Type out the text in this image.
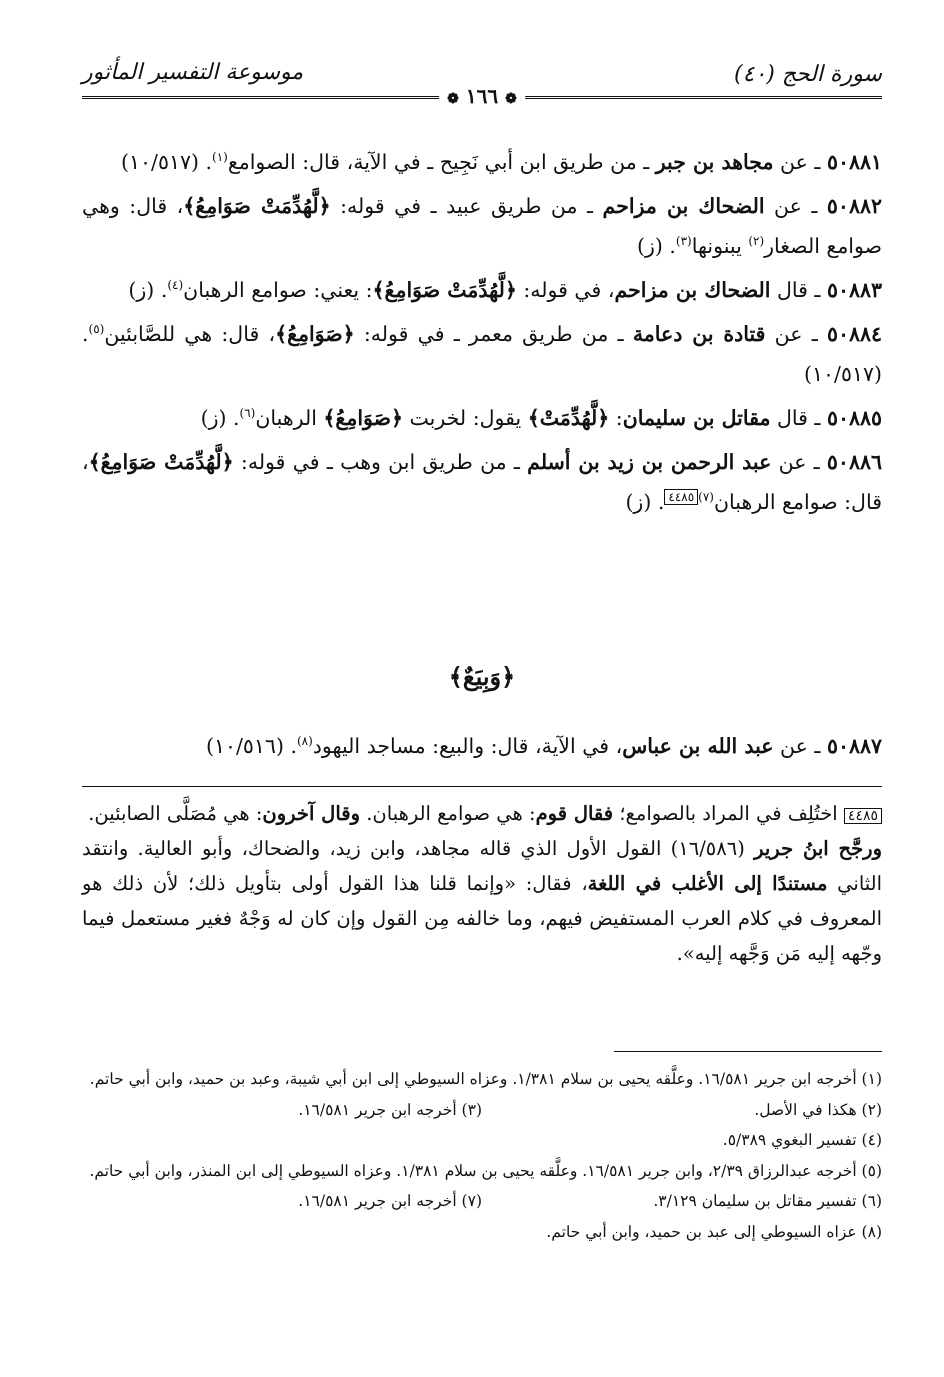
سورة الحج (٤٠)
موسوعة التفسير المأثور
❁ ١٦٦ ❁
٥٠٨٨١ ـ عن مجاهد بن جبر ـ من طريق ابن أبي نَجِيح ـ في الآية، قال: الصوامع$^{(١)}$. (١٠/٥١٧)
٥٠٨٨٢ ـ عن الضحاك بن مزاحم ـ من طريق عبيد ـ في قوله: ﴿لَّهُدِّمَتْ صَوَامِعُ﴾، قال: وهي صوامع الصغار$^{(٢)}$ يبنونها$^{(٣)}$. (ز)
٥٠٨٨٣ ـ قال الضحاك بن مزاحم، في قوله: ﴿لَّهُدِّمَتْ صَوَامِعُ﴾: يعني: صوامع الرهبان$^{(٤)}$. (ز)
٥٠٨٨٤ ـ عن قتادة بن دعامة ـ من طريق معمر ـ في قوله: ﴿صَوَامِعُ﴾، قال: هي للصَّابئين$^{(٥)}$. (١٠/٥١٧)
٥٠٨٨٥ ـ قال مقاتل بن سليمان: ﴿لَّهُدِّمَتْ﴾ يقول: لخربت ﴿صَوَامِعُ﴾ الرهبان$^{(٦)}$. (ز)
٥٠٨٨٦ ـ عن عبد الرحمن بن زيد بن أسلم ـ من طريق ابن وهب ـ في قوله: ﴿لَّهُدِّمَتْ صَوَامِعُ﴾، قال: صوامع الرهبان$^{(٧)}$٤٤٨٥. (ز)
﴿وَبِيَعٌ﴾
٥٠٨٨٧ ـ عن عبد الله بن عباس، في الآية، قال: والبيع: مساجد اليهود$^{(٨)}$. (١٠/٥١٦)

٤٤٨٥ اختُلِف في المراد بالصوامع؛ فقال قوم: هي صوامع الرهبان. وقال آخرون: هي مُصَلَّى الصابئين.

ورجَّح ابنُ جرير (١٦/٥٨٦) القول الأول الذي قاله مجاهد، وابن زيد، والضحاك، وأبو العالية. وانتقد الثاني مستندًا إلى الأغلب في اللغة، فقال: «وإنما قلنا هذا القول أولى بتأويل ذلك؛ لأن ذلك هو المعروف في كلام العرب المستفيض فيهم، وما خالفه مِن القول وإن كان له وَجْهٌ فغير مستعمل فيما وجّهه إليه مَن وَجَّهه إليه».

(١) أخرجه ابن جرير ١٦/٥٨١. وعلَّقه يحيى بن سلام ١/٣٨١. وعزاه السيوطي إلى ابن أبي شيبة، وعبد بن حميد، وابن أبي حاتم.

(٢) هكذا في الأصل.

(٣) أخرجه ابن جرير ١٦/٥٨١.

(٤) تفسير البغوي ٥/٣٨٩.

(٥) أخرجه عبدالرزاق ٢/٣٩، وابن جرير ١٦/٥٨١. وعلَّقه يحيى بن سلام ١/٣٨١. وعزاه السيوطي إلى ابن المنذر، وابن أبي حاتم.

(٦) تفسير مقاتل بن سليمان ٣/١٢٩.

(٧) أخرجه ابن جرير ١٦/٥٨١.

(٨) عزاه السيوطي إلى عبد بن حميد، وابن أبي حاتم.
